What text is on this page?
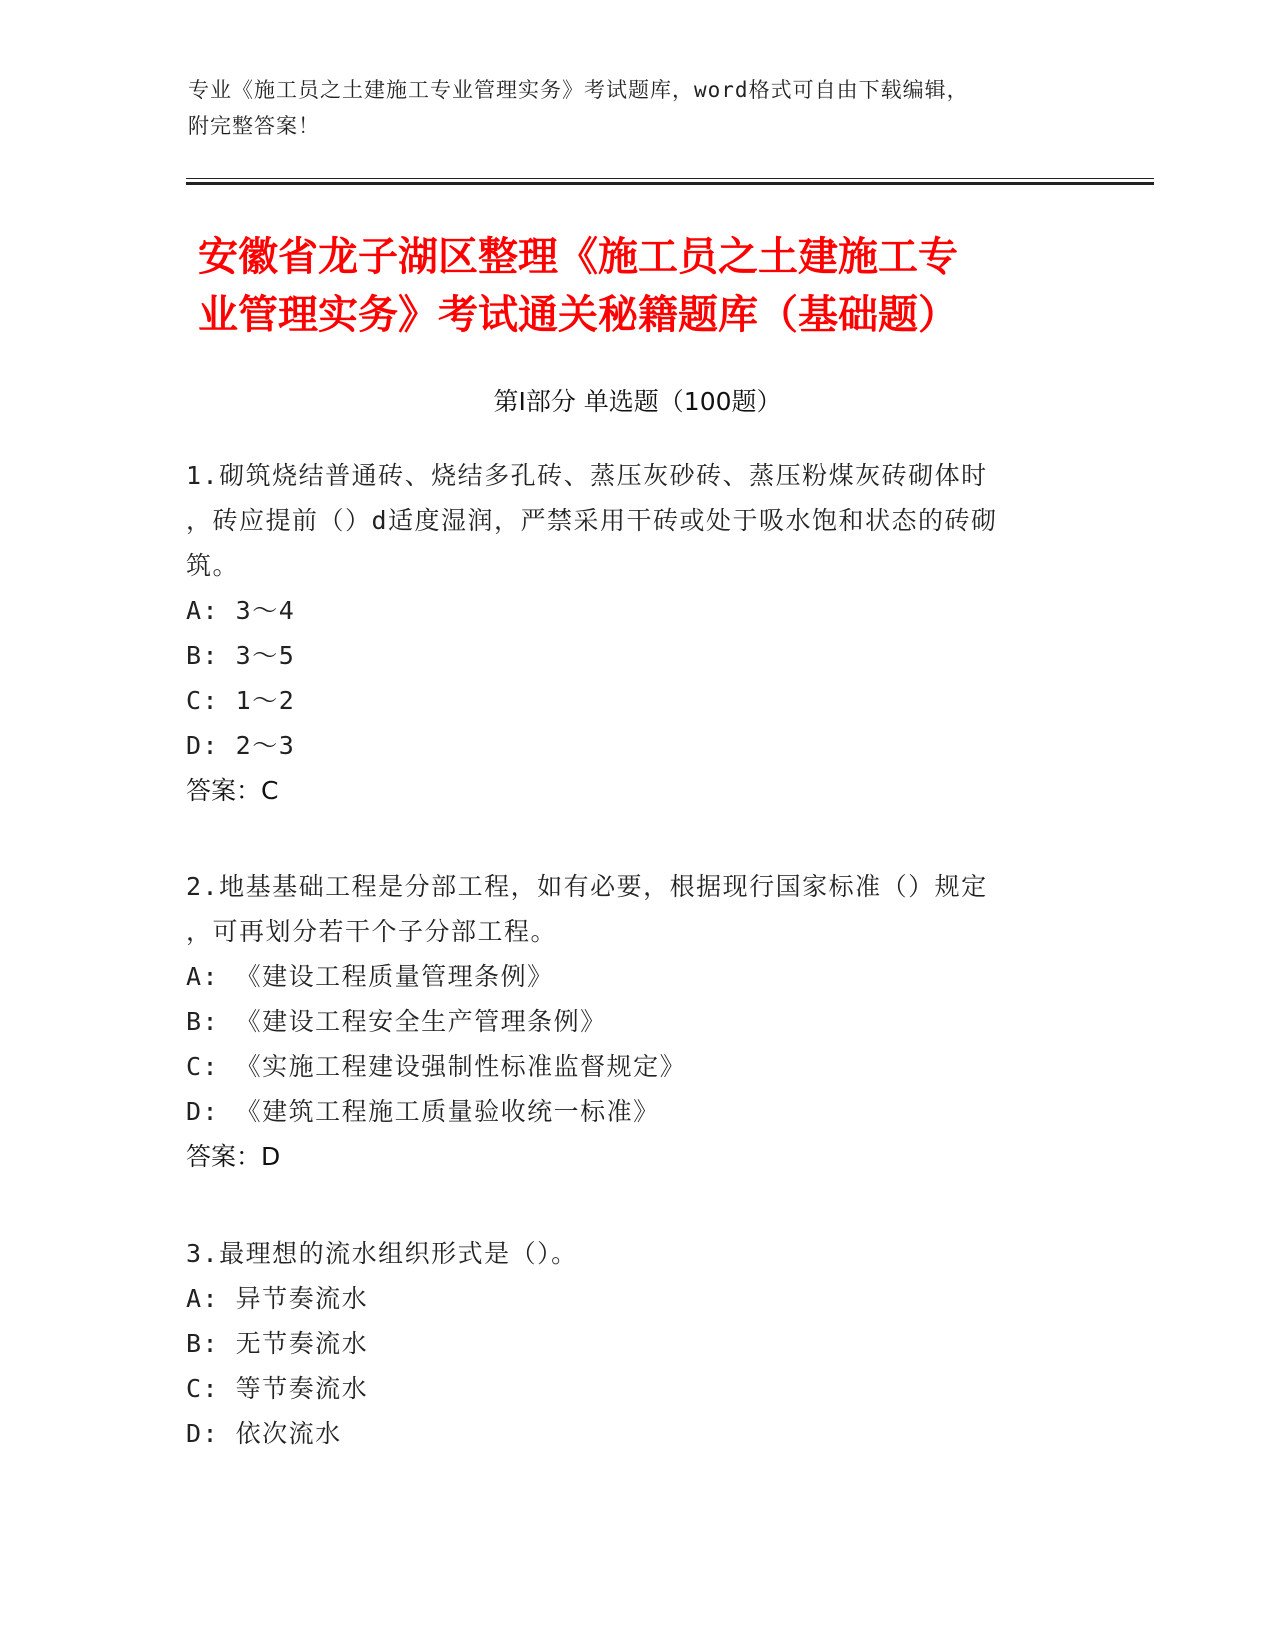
专业《施工员之土建施工专业管理实务》考试题库，word格式可自由下载编辑，
附完整答案！
安徽省龙子湖区整理《施工员之土建施工专
业管理实务》考试通关秘籍题库（基础题）
第Ⅰ部分 单选题（100题）
1.砌筑烧结普通砖、烧结多孔砖、蒸压灰砂砖、蒸压粉煤灰砖砌体时
，砖应提前（）d适度湿润，严禁采用干砖或处于吸水饱和状态的砖砌
筑。
A: 3～4
B: 3～5
C: 1～2
D: 2～3
答案：C
2.地基基础工程是分部工程，如有必要，根据现行国家标准（）规定
，可再划分若干个子分部工程。
A: 《建设工程质量管理条例》
B: 《建设工程安全生产管理条例》
C: 《实施工程建设强制性标准监督规定》
D: 《建筑工程施工质量验收统一标准》
答案：D
3.最理想的流水组织形式是（）。
A: 异节奏流水
B: 无节奏流水
C: 等节奏流水
D: 依次流水
